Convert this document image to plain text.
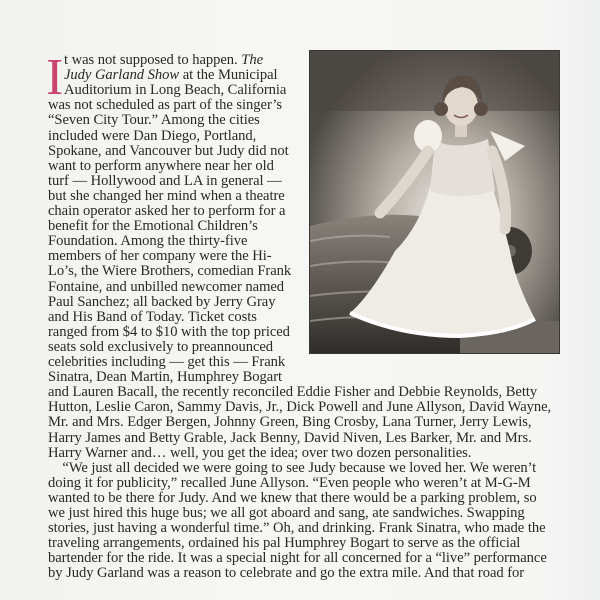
I t was not supposed to happen. The
Judy Garland Show at the Municipal
Auditorium in Long Beach, California
was not scheduled as part of the singer’s
“Seven City Tour.” Among the cities
included were Dan Diego, Portland,
Spokane, and Vancouver but Judy did not
want to perform anywhere near her old
turf — Hollywood and LA in general —
but she changed her mind when a theatre
chain operator asked her to perform for a
benefit for the Emotional Children’s
Foundation. Among the thirty-five
members of her company were the Hi-
Lo’s, the Wiere Brothers, comedian Frank
Fontaine, and unbilled newcomer named
Paul Sanchez; all backed by Jerry Gray
and His Band of Today. Ticket costs
ranged from $4 to $10 with the top priced
seats sold exclusively to preannounced
celebrities including — get this — Frank
Sinatra, Dean Martin, Humphrey Bogart
and Lauren Bacall, the recently reconciled Eddie Fisher and Debbie Reynolds, Betty
Hutton, Leslie Caron, Sammy Davis, Jr., Dick Powell and June Allyson, David Wayne,
Mr. and Mrs. Edger Bergen, Johnny Green, Bing Crosby, Lana Turner, Jerry Lewis,
Harry James and Betty Grable, Jack Benny, David Niven, Les Barker, Mr. and Mrs.
Harry Warner and… well, you get the idea; over two dozen personalities.
“We just all decided we were going to see Judy because we loved her. We weren’t
doing it for publicity,” recalled June Allyson. “Even people who weren’t at M-G-M
wanted to be there for Judy. And we knew that there would be a parking problem, so
we just hired this huge bus; we all got aboard and sang, ate sandwiches. Swapping
stories, just having a wonderful time.” Oh, and drinking. Frank Sinatra, who made the
traveling arrangements, ordained his pal Humphrey Bogart to serve as the official
bartender for the ride. It was a special night for all concerned for a “live” performance
by Judy Garland was a reason to celebrate and go the extra mile. And that road for
